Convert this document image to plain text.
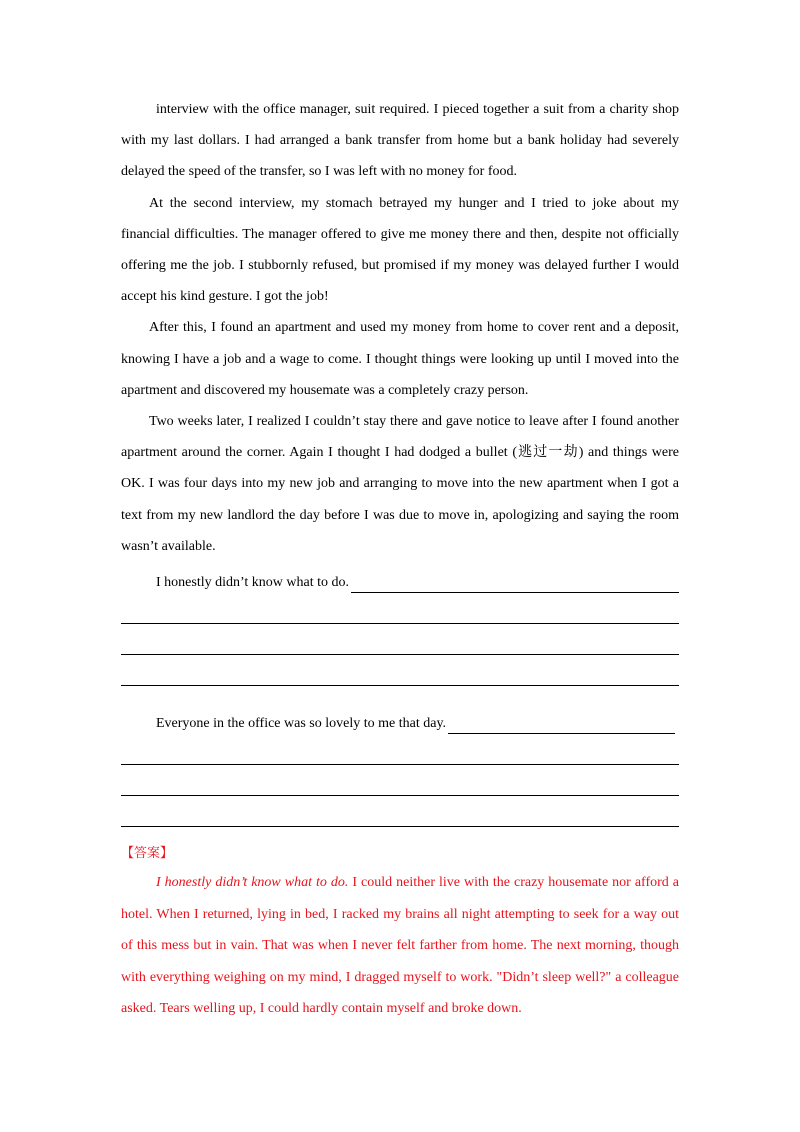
interview with the office manager, suit required. I pieced together a suit from a charity shop with my last dollars. I had arranged a bank transfer from home but a bank holiday had severely delayed the speed of the transfer, so I was left with no money for food.

At the second interview, my stomach betrayed my hunger and I tried to joke about my financial difficulties. The manager offered to give me money there and then, despite not officially offering me the job. I stubbornly refused, but promised if my money was delayed further I would accept his kind gesture. I got the job!

After this, I found an apartment and used my money from home to cover rent and a deposit, knowing I have a job and a wage to come. I thought things were looking up until I moved into the apartment and discovered my housemate was a completely crazy person.

Two weeks later, I realized I couldn’t stay there and gave notice to leave after I found another apartment around the corner. Again I thought I had dodged a bullet (逃过一劫) and things were OK. I was four days into my new job and arranging to move into the new apartment when I got a text from my new landlord the day before I was due to move in, apologizing and saying the room wasn’t available.

I honestly didn’t know what to do.
Everyone in the office was so lovely to me that day.
【答案】

I honestly didn’t know what to do. I could neither live with the crazy housemate nor afford a hotel. When I returned, lying in bed, I racked my brains all night attempting to seek for a way out of this mess but in vain. That was when I never felt farther from home. The next morning, though with everything weighing on my mind, I dragged myself to work. "Didn’t sleep well?" a colleague asked. Tears welling up, I could hardly contain myself and broke down.
